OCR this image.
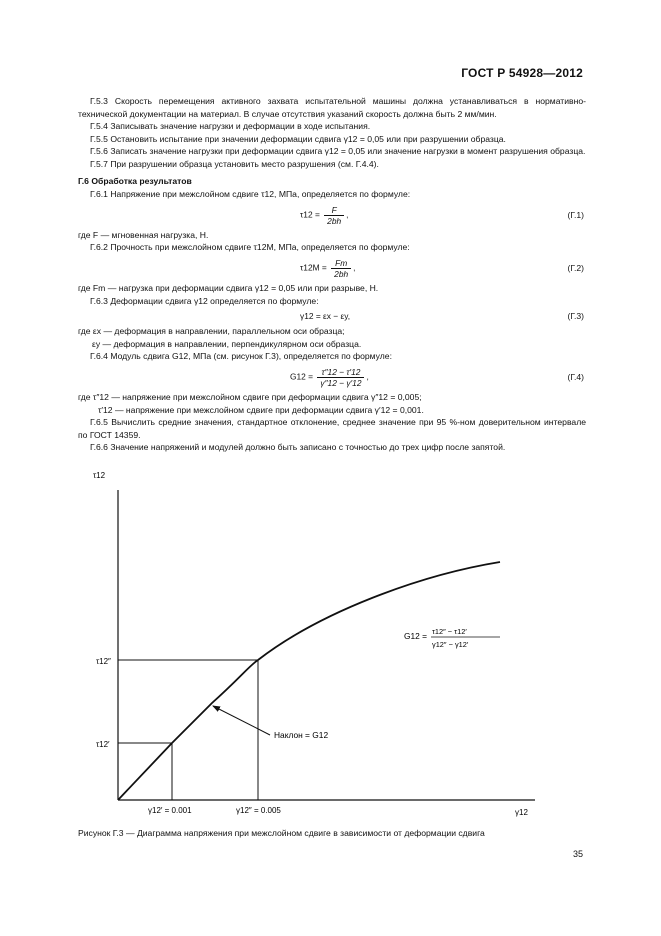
ГОСТ Р 54928—2012

Г.5.3 Скорость перемещения активного захвата испытательной машины должна устанавливаться в нормативно-технической документации на материал. В случае отсутствия указаний скорость должна быть 2 мм/мин.

Г.5.4 Записывать значение нагрузки и деформации в ходе испытания.

Г.5.5 Остановить испытание при значении деформации сдвига γ12 = 0,05 или при разрушении образца.

Г.5.6 Записать значение нагрузки при деформации сдвига γ12 = 0,05 или значение нагрузки в момент разрушения образца.

Г.5.7 При разрушении образца установить место разрушения (см. Г.4.4).

Г.6 Обработка результатов

Г.6.1 Напряжение при межслойном сдвиге τ12, МПа, определяется по формуле:

$\tau 12 = \frac{F}{2bh}$ ,	(Г.1)

где F — мгновенная нагрузка, Н.

Г.6.2 Прочность при межслойном сдвиге τ12M, МПа, определяется по формуле:

$\tau 12M = \frac{Fm}{2bh}$ ,	(Г.2)

где Fm — нагрузка при деформации сдвига γ12 = 0,05 или при разрыве, Н.

Г.6.3 Деформации сдвига γ12 определяется по формуле:

γ12 = εx − εy,	(Г.3)

где εx — деформация в направлении, параллельном оси образца;

εy — деформация в направлении, перпендикулярном оси образца.

Г.6.4 Модуль сдвига G12, МПа (см. рисунок Г.3), определяется по формуле:

$G12 = \frac{\tau''12 - \tau'12}{\gamma''12 - \gamma'12}$ ,	(Г.4)

где τ″12 — напряжение при межслойном сдвиге при деформации сдвига γ″12 = 0,005;

τ′12 — напряжение при межслойном сдвиге при деформации сдвига γ′12 = 0,001.

Г.6.5 Вычислить средние значения, стандартное отклонение, среднее значение при 95 %-ном доверительном интервале по ГОСТ 14359.

Г.6.6 Значение напряжений и модулей должно быть записано с точностью до трех цифр после запятой.

τ12
γ12
τ12″
τ12′
γ12′ = 0.001	γ12″ = 0.005
Наклон = G12
G12 = τ12″ − τ12′
γ12″ − γ12′
Рисунок Г.3 — Диаграмма напряжения при межслойном сдвиге в зависимости от деформации сдвига
35
